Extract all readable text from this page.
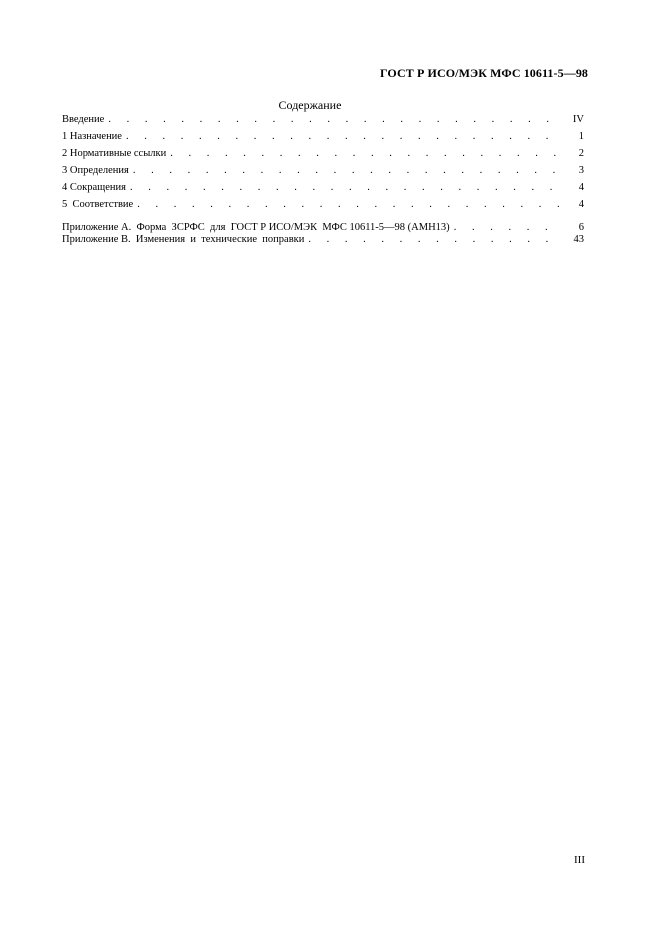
ГОСТ Р ИСО/МЭК МФС 10611-5—98
Содержание
Введение . . .	IV
1 Назначение . . .	1
2 Нормативные ссылки . . .	2
3 Определения . . .	3
4 Сокращения . . .	4
5  Соответствие . . .	4
Приложение А.  Форма  ЗСРФС  для  ГОСТ Р ИСО/МЭК  МФС 10611-5—98 (АМН13) . . .	6
Приложение В.  Изменения  и  технические  поправки . . .	43
III
